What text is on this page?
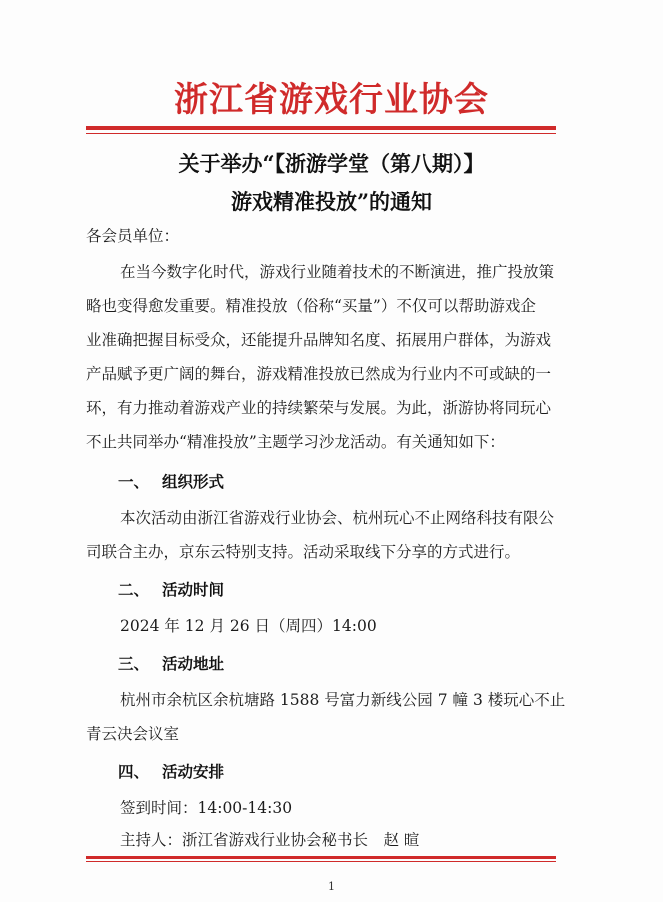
浙江省游戏行业协会
关于举办“【浙游学堂（第八期）】
游戏精准投放”的通知
各会员单位：
在当今数字化时代，游戏行业随着技术的不断演进，推广投放策
略也变得愈发重要。精准投放（俗称“买量”）不仅可以帮助游戏企
业准确把握目标受众，还能提升品牌知名度、拓展用户群体，为游戏
产品赋予更广阔的舞台，游戏精准投放已然成为行业内不可或缺的一
环，有力推动着游戏产业的持续繁荣与发展。为此，浙游协将同玩心
不止共同举办“精准投放”主题学习沙龙活动。有关通知如下：
一、 组织形式
本次活动由浙江省游戏行业协会、杭州玩心不止网络科技有限公
司联合主办，京东云特别支持。活动采取线下分享的方式进行。
二、 活动时间
2024 年 12 月 26 日（周四）14:00
三、 活动地址
杭州市余杭区余杭塘路 1588 号富力新线公园 7 幢 3 楼玩心不止
青云决会议室
四、 活动安排
签到时间：14:00-14:30
主持人：浙江省游戏行业协会秘书长　赵 暄
1
